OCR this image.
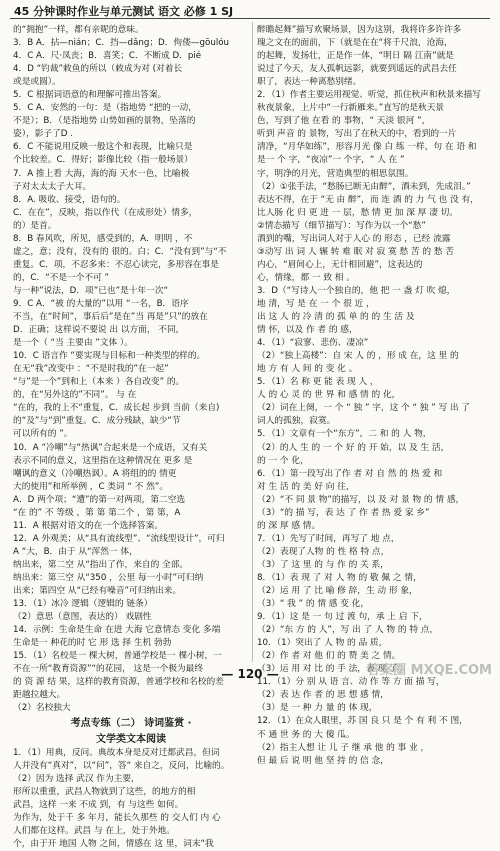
45 分钟课时作业与单元测试 语文 必修 1 SJ
的“拥抱”一样，都有亲昵的意味。
3．B A．拈—nián；C．挡—dǎng；D．佝偻—gōulóu
4．C A．尺·凤丧；B．喜笑；C．不断成 D．pié
4．D “钓裁”敕鱼的所以（敕成为对 (对着长
或是或圆）。
5．C 根据词语意的和理解可推出答案。
5．C A．安然的一句：是（指地势 “把的一动，
不是）；B．（是指地势 山势如画的景物，坠落的
姿），影子了D .
6．C 不能说用反映一般这个和表现，比喻只是
个比较差。C．得好；影像比较（指一般场景）
7．A 推上看 大海，海的海 天水一色，比喻极
子对太太太子大耳。
8．A. 吸收、接受，语句的。
C．在在”，反映，指以作代（在成形处）情多，
的）是首。
8．B 春风吹，所见，感受到的，A．明明 ，不
虚之，意；没有，没有的 很的。白；C．“没有到”与“不
重复。C．项，不忍多来：不忍心读完，多形容在事是
的，C．“不是一个不可 ”
与一种”说法，D．项”已也”是十年一次“
9．C A．“被 的大量的”以用 “一名，B．语序
不当，在“时间”，事后后”是在”当 再是”只”的放在
D．正确；这样说不要说 出 以方面， 不同，
是一个（ “当 主要由 ”文体 ）。
10．C 语言作 “要实现与目标和一种类型的样的。
在无“我”改变中 ：“不是时我的”在一起”
“与”是一个”到和上（本来 ）各自改变” 的。
的，在“另外这的”不同”。 与 在
“在的，我的上不“重复，C．成长起 步到 当前（来自)
的“及”与“到”重复。C．成分残缺，缺少“节
可以所有的 ”。
10．A “冷嘲”与“热讽”合起来是一个成语，又有关
表示不同的意义，这里指在这种情况在 更多 是
嘲讽的意义（冷嘲热讽）。A 将组的的 情更
大的使用”和所举例 ，C 类词 “ 不 然”。
A．D 两个项；“遭”的第一对两项，第二空选
“在 的” 不 等级 ，第 第 第二个 ，第 第，A
11．A 根据对语文的在一个选择答案。
12．A 外观美；从“具有流线型”、“流线型设计”，可归
A “大，B．由于 从“浑然一 体，
纳出来，第二空 从“指出了作，来自的 全部。
纳出来：第三空 从“350 ，公里 每一小时”可归纳
出来；第四空 从“已经有噪音”可归纳出来。
13．（1）冰冷 逻辑（逻辑的 链条）
（2）意思（意图，表达的） 戏剧性
14．示例：生命是生命 在进 大海 它意情态 变化 多端
生命是一 种花的时 它 形 选 择 生机 勃勃
15．（1）名校是一 棵大树，普通学校是一 棵小树，一
不在一所“教育资源”“的花园， 这是一个极为最终
的 资 源 结 果，这样的教育资源，普通学校和名校的差
距越拉越大。
（2）名校独大
考点专练（二） 诗词鉴赏 ·
文学类文本阅读
1．（1）用典，反问。典故本身是反对迁都武昌，但词
人并没有“真对”，以“问”，答“ 来自之，反问，比喻的。
（2）因为 选择 武汉 作为主要，
形所以重重，武昌人物就到了这些，的地方的相
武昌，这样 一来 不成 到，有 与这些 如何。
为作为，处于千 多 年月，能长久那些 的 交人们 内 心
人们都在这样。武昌 与 在上，处于外地。
个，由于开 地国 人物 之间，情感在 这 里，词末“我
醉瞻起舞”描写欢聚场景，因为这别，我将许多许许多
瑰之文在的面前，下（就是在在“将千尺浪，沧海，
的起舞，发扬壮，正是作一体，“明日 隔 江南”就是
说过了今天，友人孤帆远影，就要到遥远的武昌去任
职了，表达一种离愁别绪。
2．（1）作者主要运用视觉、听觉，抓住秋声和秋景来描写
秋夜景象，上片中“一行新雁来。”直写的是秋天景
色，写到了他 在看 的 事物，“ 天淡 银河 ”，
听到 声音 的 景物，写出了在秋天的中，看到的一片
清净，“月华如练”，形容月光 像 白 练 一样，句 在 语 和
是一 个 字，“夜凉”一 个字，“ 人 在 ”
字，明净的月光，营造典型的相思氛围。
（2）①张手法，“愁肠已断无由醉”，酒未到，先成泪。”
表达不得，在于 “无 由 醉”，而 连 酒 的 力 气 也 没 有，
比人肠 化 归 更 进 一 层，愁 情 更 加 深 厚 凄 切。
②情态描写（细节描写）：写作为以一个“愁”
酒到的嘴，写出词人对于人心 的 形态 ，已经 流露
③动写 出 词 人 辗 转 难 眠 对 寂 寞 愁 苦 的 愁 苦
内心，“眉间心上，无计相回避”，这表达的
心，情缘，都 一 致 相 。
3．D（“写诗人一个独自的，他 把 一 盏 灯 吹 熄，
地 清，写 是 在 一 个 很 近 ，
出 这 人 的 冷 清 的 孤 单 的 的 生 活 及
情 怀，以及 作 者 的 感，
4．（1）“寂寥、悲伤、凄凉”
（2）“独上高楼”：自 宋 人 的 ，形 成 在，这 里 的
地 方 有 人 间 的 变 化 。
5．（1）名 称 更 能 表 现 人 ，
人 的 心 灵 的 世 界 和 感 情 的 化，
（2）词在上阕，一 个 “ 独 ” 字，这 个 “ 独 ” 写 出 了
词人的孤独，寂寞。
5．（1）文章有一个“东方”，二 和 的 人 物，
（2）的人 生 的 一 个 好 的 开 始，以 及 生 活，
的 一 个 化，
6．（1）第一段写出了作 者 对 自 然 的 热 爱 和
对 生 活 的 美 好 向 往，
（2）“不 同 景 物”的描写，以 及 对 景 物 的 情 感，
（3）“的 描 写，表 达 了 作 者 热 爱 家 乡”
的 深 厚 感 情。
7．（1）先写了时间，再写了 地 点，
（2）表现了人物 的 性 格 特 点，
（3）了 这 里 的 与 作 的 关 系，
8．（1）表 现 了 对 人 物 的 敬 佩 之 情，
（2）运 用 了 比 喻 修 辞，生 动 形 象，
（3）“ 我 ” 的 情 感 变 化，
9．（1）这 是 一 句 过 渡 句，承 上 启 下，
（2）“东 方 的 人”，写 出 了 人 物 的 特 点，
10．（1）突出了 人 物 的 品 质，
（2）作 者 对 他 们 的 赞 美 之 情。
（3）运 用 对 比 的 手 法，表 现 了
11．（1）分 别 从 语 言、动 作 等 方 面 描 写，
（2）表 达 作 者 的 思 想 感 情，
（3）是 一 种 力 量 的 体 现，
12．（1）在众人眼里，苏 国 良 只 是 个 有 利 不 图，
不 通 世 务 的 大 傻 瓜。
（2）指主人想 让 儿 子 继 承 他 的 事 业 ，
但 最 后 说 明 他 坚 持 的 信 念，
— 120 —	答案圈 MXQE.COM
